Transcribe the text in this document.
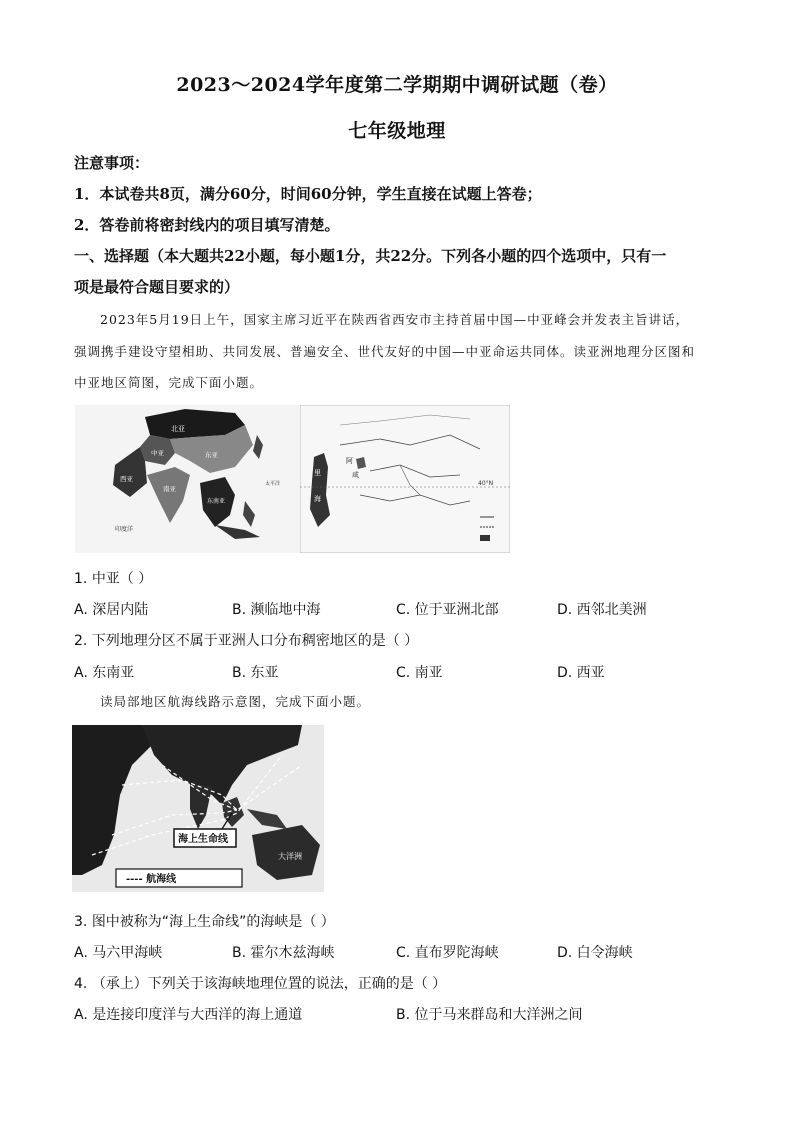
2023～2024学年度第二学期期中调研试题（卷）
七年级地理
注意事项：
1．本试卷共8页，满分60分，时间60分钟，学生直接在试题上答卷；
2．答卷前将密封线内的项目填写清楚。
一、选择题（本大题共22小题，每小题1分，共22分。下列各小题的四个选项中，只有一
项是最符合题目要求的）
2023年5月19日上午，国家主席习近平在陕西省西安市主持首届中国—中亚峰会并发表主旨讲话，
强调携手建设守望相助、共同发展、普遍安全、世代友好的中国—中亚命运共同体。读亚洲地理分区图和
中亚地区简图，完成下面小题。
北亚
中亚
西亚
东亚
南亚
东南亚
印度洋
太平洋	40°N
阿
咸
里
海
1. 中亚（ ）
A. 深居内陆	B. 濒临地中海	C. 位于亚洲北部	D. 西邻北美洲
2. 下列地理分区不属于亚洲人口分布稠密地区的是（ ）
A. 东南亚	B. 东亚	C. 南亚	D. 西亚
读局部地区航海线路示意图，完成下面小题。
大洋洲
海上生命线
---- 航海线
3. 图中被称为“海上生命线”的海峡是（ ）
A. 马六甲海峡	B. 霍尔木兹海峡	C. 直布罗陀海峡	D. 白令海峡
4. （承上）下列关于该海峡地理位置的说法，正确的是（ ）
A. 是连接印度洋与大西洋的海上通道	B. 位于马来群岛和大洋洲之间
